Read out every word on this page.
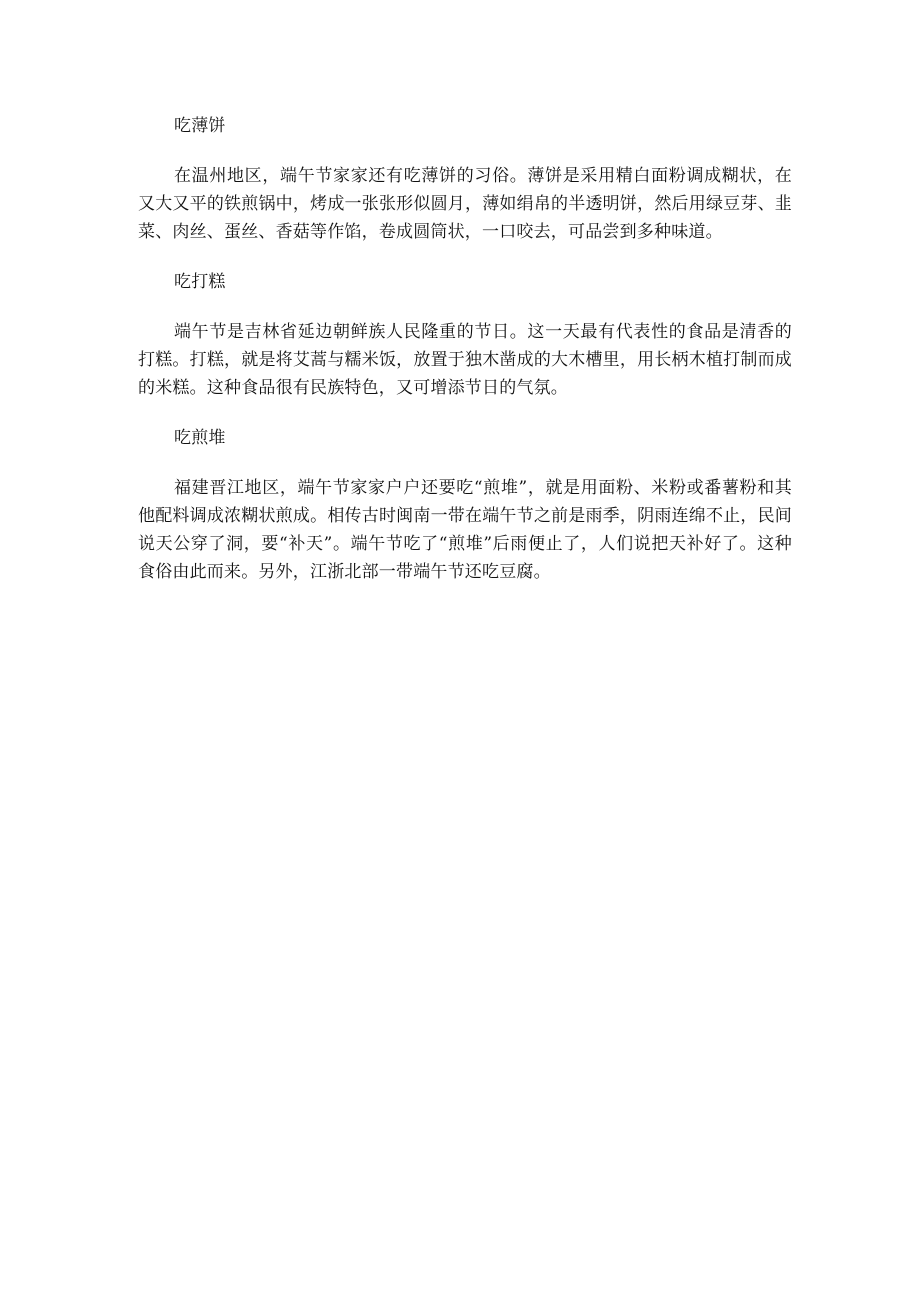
吃薄饼

在温州地区，端午节家家还有吃薄饼的习俗。薄饼是采用精白面粉调成糊状，在又大又平的铁煎锅中，烤成一张张形似圆月，薄如绢帛的半透明饼，然后用绿豆芽、韭菜、肉丝、蛋丝、香菇等作馅，卷成圆筒状，一口咬去，可品尝到多种味道。

吃打糕

端午节是吉林省延边朝鲜族人民隆重的节日。这一天最有代表性的食品是清香的打糕。打糕，就是将艾蒿与糯米饭，放置于独木凿成的大木槽里，用长柄木植打制而成的米糕。这种食品很有民族特色，又可增添节日的气氛。

吃煎堆

福建晋江地区，端午节家家户户还要吃“煎堆”，就是用面粉、米粉或番薯粉和其他配料调成浓糊状煎成。相传古时闽南一带在端午节之前是雨季，阴雨连绵不止，民间说天公穿了洞，要“补天”。端午节吃了“煎堆”后雨便止了，人们说把天补好了。这种食俗由此而来。另外，江浙北部一带端午节还吃豆腐。
